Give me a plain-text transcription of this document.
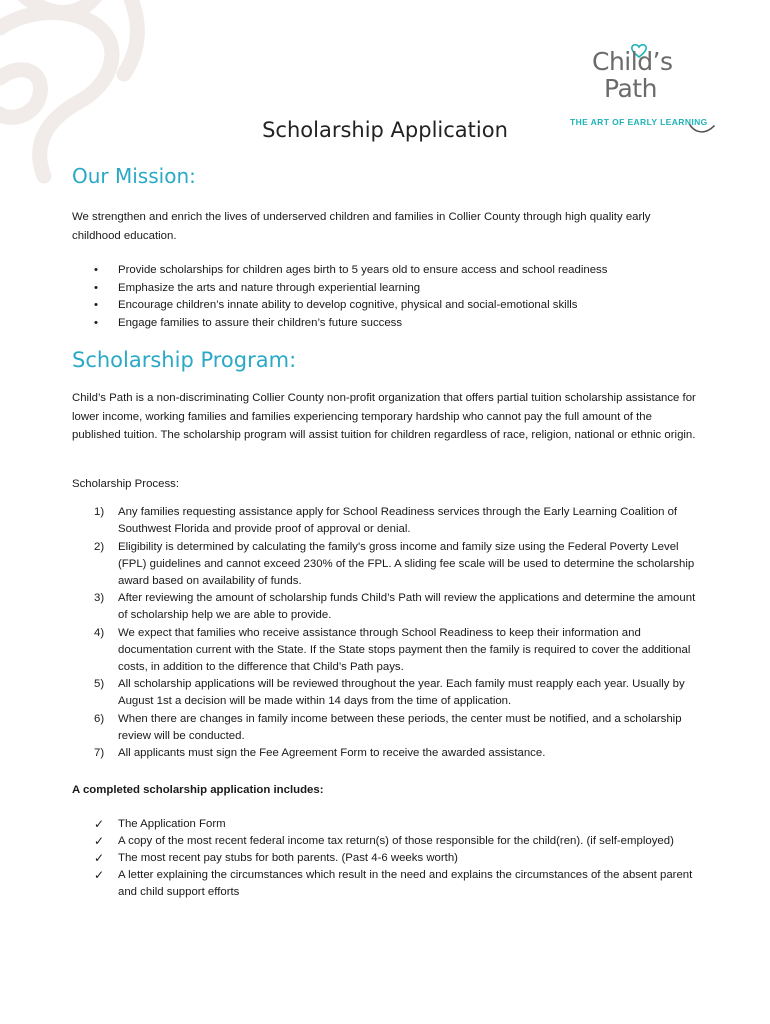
Child’s
Path
THE ART OF EARLY LEARNING
Scholarship Application
Our Mission:

We strengthen and enrich the lives of underserved children and families in Collier County through high quality early childhood education.

• Provide scholarships for children ages birth to 5 years old to ensure access and school readiness
• Emphasize the arts and nature through experiential learning
• Encourage children’s innate ability to develop cognitive, physical and social-emotional skills
• Engage families to assure their children’s future success
Scholarship Program:

Child’s Path is a non-discriminating Collier County non-profit organization that offers partial tuition scholarship assistance for lower income, working families and families experiencing temporary hardship who cannot pay the full amount of the published tuition. The scholarship program will assist tuition for children regardless of race, religion, national or ethnic origin.

Scholarship Process:

1) Any families requesting assistance apply for School Readiness services through the Early Learning Coalition of Southwest Florida and provide proof of approval or denial.
2) Eligibility is determined by calculating the family's gross income and family size using the Federal Poverty Level (FPL) guidelines and cannot exceed 230% of the FPL. A sliding fee scale will be used to determine the scholarship award based on availability of funds.
3) After reviewing the amount of scholarship funds Child’s Path will review the applications and determine the amount of scholarship help we are able to provide.
4) We expect that families who receive assistance through School Readiness to keep their information and documentation current with the State. If the State stops payment then the family is required to cover the additional costs, in addition to the difference that Child’s Path pays.
5) All scholarship applications will be reviewed throughout the year. Each family must reapply each year. Usually by August 1st a decision will be made within 14 days from the time of application.
6) When there are changes in family income between these periods, the center must be notified, and a scholarship review will be conducted.
7) All applicants must sign the Fee Agreement Form to receive the awarded assistance.

A completed scholarship application includes:

✓ The Application Form
✓ A copy of the most recent federal income tax return(s) of those responsible for the child(ren). (if self-employed)
✓ The most recent pay stubs for both parents. (Past 4-6 weeks worth)
✓ A letter explaining the circumstances which result in the need and explains the circumstances of the absent parent and child support efforts
